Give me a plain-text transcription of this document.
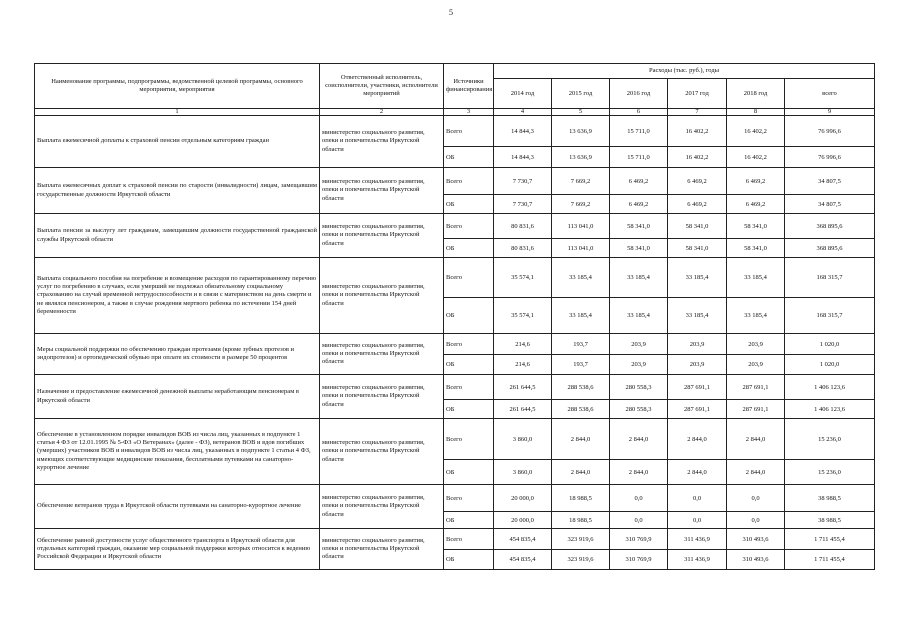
5
Наименование программы, подпрограммы, ведомственной целевой программы, основного мероприятия, мероприятия	Ответственный исполнитель, соисполнители, участники, исполнители мероприятий	Источники финансирования	Расходы (тыс. руб.), годы					
			2014 год	2015 год	2016 год	2017 год	2018 год	всего
1	2	3	4	5	6	7	8	9
Выплата ежемесячной доплаты к страховой пенсии отдельным категориям граждан	министерство социального развития, опеки и попечительства Иркутской области	Всего	14 844,3	13 636,9	15 711,0	16 402,2	16 402,2	76 996,6
		ОБ	14 844,3	13 636,9	15 711,0	16 402,2	16 402,2	76 996,6
Выплата ежемесячных доплат к страховой пенсии по старости (инвалидности) лицам, замещавшим государственные должности Иркутской области	министерство социального развития, опеки и попечительства Иркутской области	Всего	7 730,7	7 669,2	6 469,2	6 469,2	6 469,2	34 807,5
		ОБ	7 730,7	7 669,2	6 469,2	6 469,2	6 469,2	34 807,5
Выплата пенсии за выслугу лет гражданам, замещавшим должности государственной гражданской службы Иркутской области	министерство социального развития, опеки и попечительства Иркутской области	Всего	80 831,6	113 041,0	58 341,0	58 341,0	58 341,0	368 895,6
		ОБ	80 831,6	113 041,0	58 341,0	58 341,0	58 341,0	368 895,6
Выплата социального пособия на погребение и возмещение расходов по гарантированному перечню услуг по погребению в случаях, если умерший не подлежал обязательному социальному страхованию на случай временной нетрудоспособности и в связи с материнством на день смерти и не являлся пенсионером, а также в случае рождения мертвого ребенка по истечении 154 дней беременности	министерство социального развития, опеки и попечительства Иркутской области	Всего	35 574,1	33 185,4	33 185,4	33 185,4	33 185,4	168 315,7
		ОБ	35 574,1	33 185,4	33 185,4	33 185,4	33 185,4	168 315,7
Меры социальной поддержки по обеспечению граждан протезами (кроме зубных протезов и эндопротезов) и ортопедической обувью при оплате их стоимости в размере 50 процентов	министерство социального развития, опеки и попечительства Иркутской области	Всего	214,6	193,7	203,9	203,9	203,9	1 020,0
		ОБ	214,6	193,7	203,9	203,9	203,9	1 020,0
Назначение и предоставление ежемесячной денежной выплаты неработающим пенсионерам в Иркутской области	министерство социального развития, опеки и попечительства Иркутской области	Всего	261 644,5	288 538,6	280 558,3	287 691,1	287 691,1	1 406 123,6
		ОБ	261 644,5	288 538,6	280 558,3	287 691,1	287 691,1	1 406 123,6
Обеспечение в установленном порядке инвалидов ВОВ из числа лиц, указанных в подпункте 1 статьи 4 ФЗ от 12.01.1995 № 5-ФЗ «О Ветеранах» (далее - ФЗ), ветеранов ВОВ и вдов погибших (умерших) участников ВОВ и инвалидов ВОВ из числа лиц, указанных в подпункте 1 статьи 4 ФЗ, имеющих соответствующие медицинские показания, бесплатными путевками на санаторно-курортное лечение	министерство социального развития, опеки и попечительства Иркутской области	Всего	3 860,0	2 844,0	2 844,0	2 844,0	2 844,0	15 236,0
		ОБ	3 860,0	2 844,0	2 844,0	2 844,0	2 844,0	15 236,0
Обеспечение ветеранов труда в Иркутской области путевками на санаторно-курортное лечение	министерство социального развития, опеки и попечительства Иркутской области	Всего	20 000,0	18 988,5	0,0	0,0	0,0	38 988,5
		ОБ	20 000,0	18 988,5	0,0	0,0	0,0	38 988,5
Обеспечение равной доступности услуг общественного транспорта в Иркутской области для отдельных категорий граждан, оказание мер социальной поддержки которых относится к ведению Российской Федерации и Иркутской области	министерство социального развития, опеки и попечительства Иркутской области	Всего	454 835,4	323 919,6	310 769,9	311 436,9	310 493,6	1 711 455,4
		ОБ	454 835,4	323 919,6	310 769,9	311 436,9	310 493,6	1 711 455,4
